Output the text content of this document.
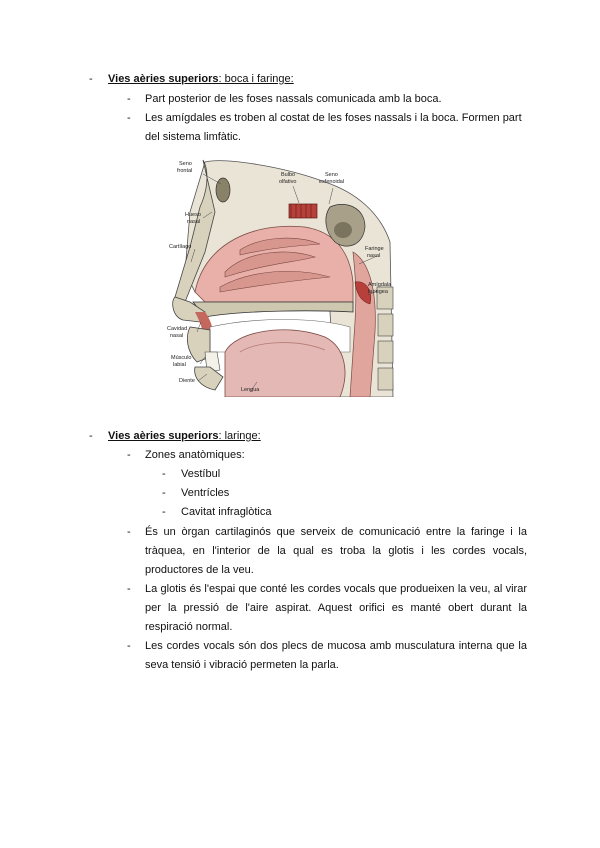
- Vies aèries superiors: boca i faringe:
- Part posterior de les foses nassals comunicada amb la boca.
- Les amígdales es troben al costat de les foses nassals i la boca. Formen part
del sistema limfàtic.
Seno
frontal
Hueso
nasal
Cartílago
Cavidad
nasal
Músculo
labial
Diente
Lengua
Bulbo
olfativo
Seno
esfenoidal
Faringe
nasal
Amígdala
faringea
- Vies aèries superiors: laringe:
- Zones anatòmiques:
- Vestíbul
- Ventrícles
- Cavitat infraglòtica
- És un òrgan cartilaginós que serveix de comunicació entre la faringe i la
tràquea, en l'interior de la qual es troba la glotis i les cordes vocals,
productores de la veu.
- La glotis és l'espai que conté les cordes vocals que produeixen la veu, al virar
per la pressió de l'aire aspirat. Aquest orifici es manté obert durant la
respiració normal.
- Les cordes vocals són dos plecs de mucosa amb musculatura interna que la
seva tensió i vibració permeten la parla.
